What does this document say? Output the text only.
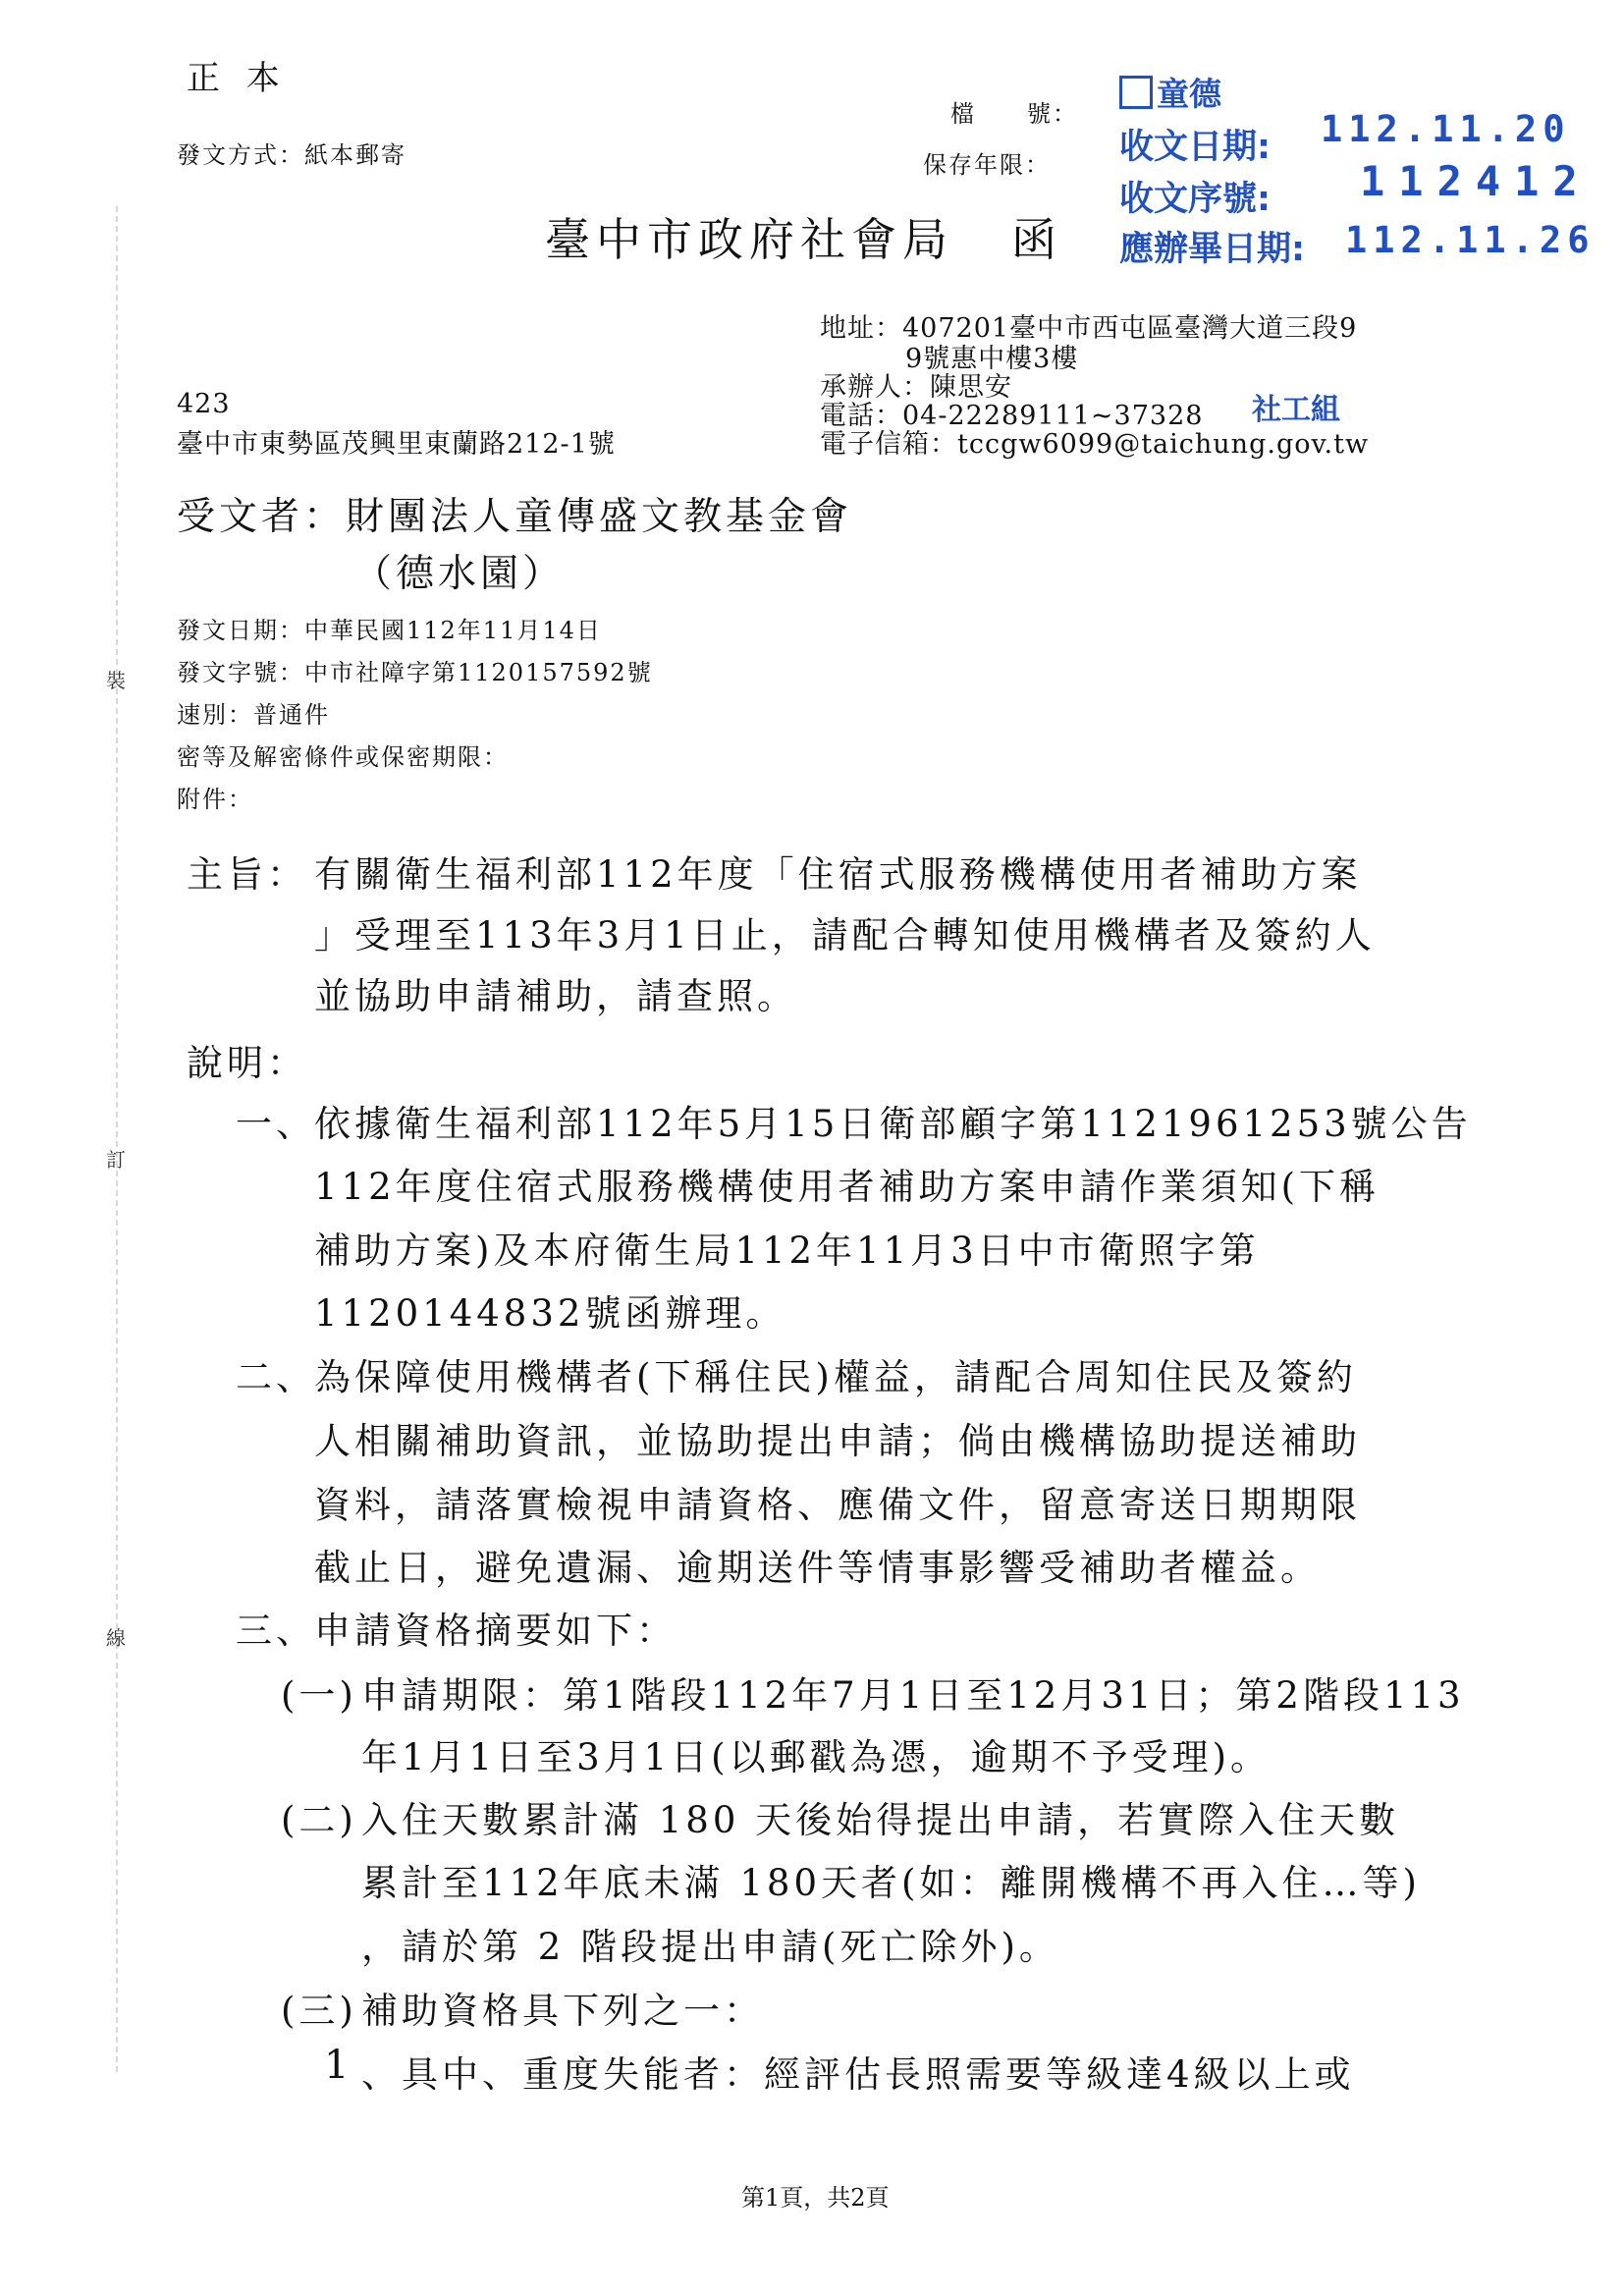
裝
訂
線
正 本
發文方式：紙本郵寄
檔　　號：
保存年限：
臺中市政府社會局 函
童德
收文日期: 112.11.20
收文序號: 112412
應辦畢日期: 112.11.26
社工組
地址：407201臺中市西屯區臺灣大道三段9
9號惠中樓3樓
承辦人：陳思安
電話：04-22289111~37328
電子信箱：tccgw6099@taichung.gov.tw
423
臺中市東勢區茂興里東蘭路212-1號
受文者：財團法人童傳盛文教基金會
（德水園）
發文日期：中華民國112年11月14日
發文字號：中市社障字第1120157592號
速別：普通件
密等及解密條件或保密期限：
附件：
主旨： 有關衛生福利部112年度「住宿式服務機構使用者補助方案
」受理至113年3月1日止，請配合轉知使用機構者及簽約人
並協助申請補助，請查照。
說明：
一、
依據衛生福利部112年5月15日衛部顧字第1121961253號公告
112年度住宿式服務機構使用者補助方案申請作業須知(下稱
補助方案)及本府衛生局112年11月3日中市衛照字第
1120144832號函辦理。
二、
為保障使用機構者(下稱住民)權益，請配合周知住民及簽約
人相關補助資訊，並協助提出申請；倘由機構協助提送補助
資料，請落實檢視申請資格、應備文件，留意寄送日期期限
截止日，避免遺漏、逾期送件等情事影響受補助者權益。
三、
申請資格摘要如下：
(一) 申請期限：第1階段112年7月1日至12月31日；第2階段113
年1月1日至3月1日(以郵戳為憑，逾期不予受理)。
(二) 入住天數累計滿 180 天後始得提出申請，若實際入住天數
累計至112年底未滿 180天者(如：離開機構不再入住…等)
，請於第 2 階段提出申請(死亡除外)。
(三) 補助資格具下列之一：
1 、具中、重度失能者：經評估長照需要等級達4級以上或
第1頁，共2頁
